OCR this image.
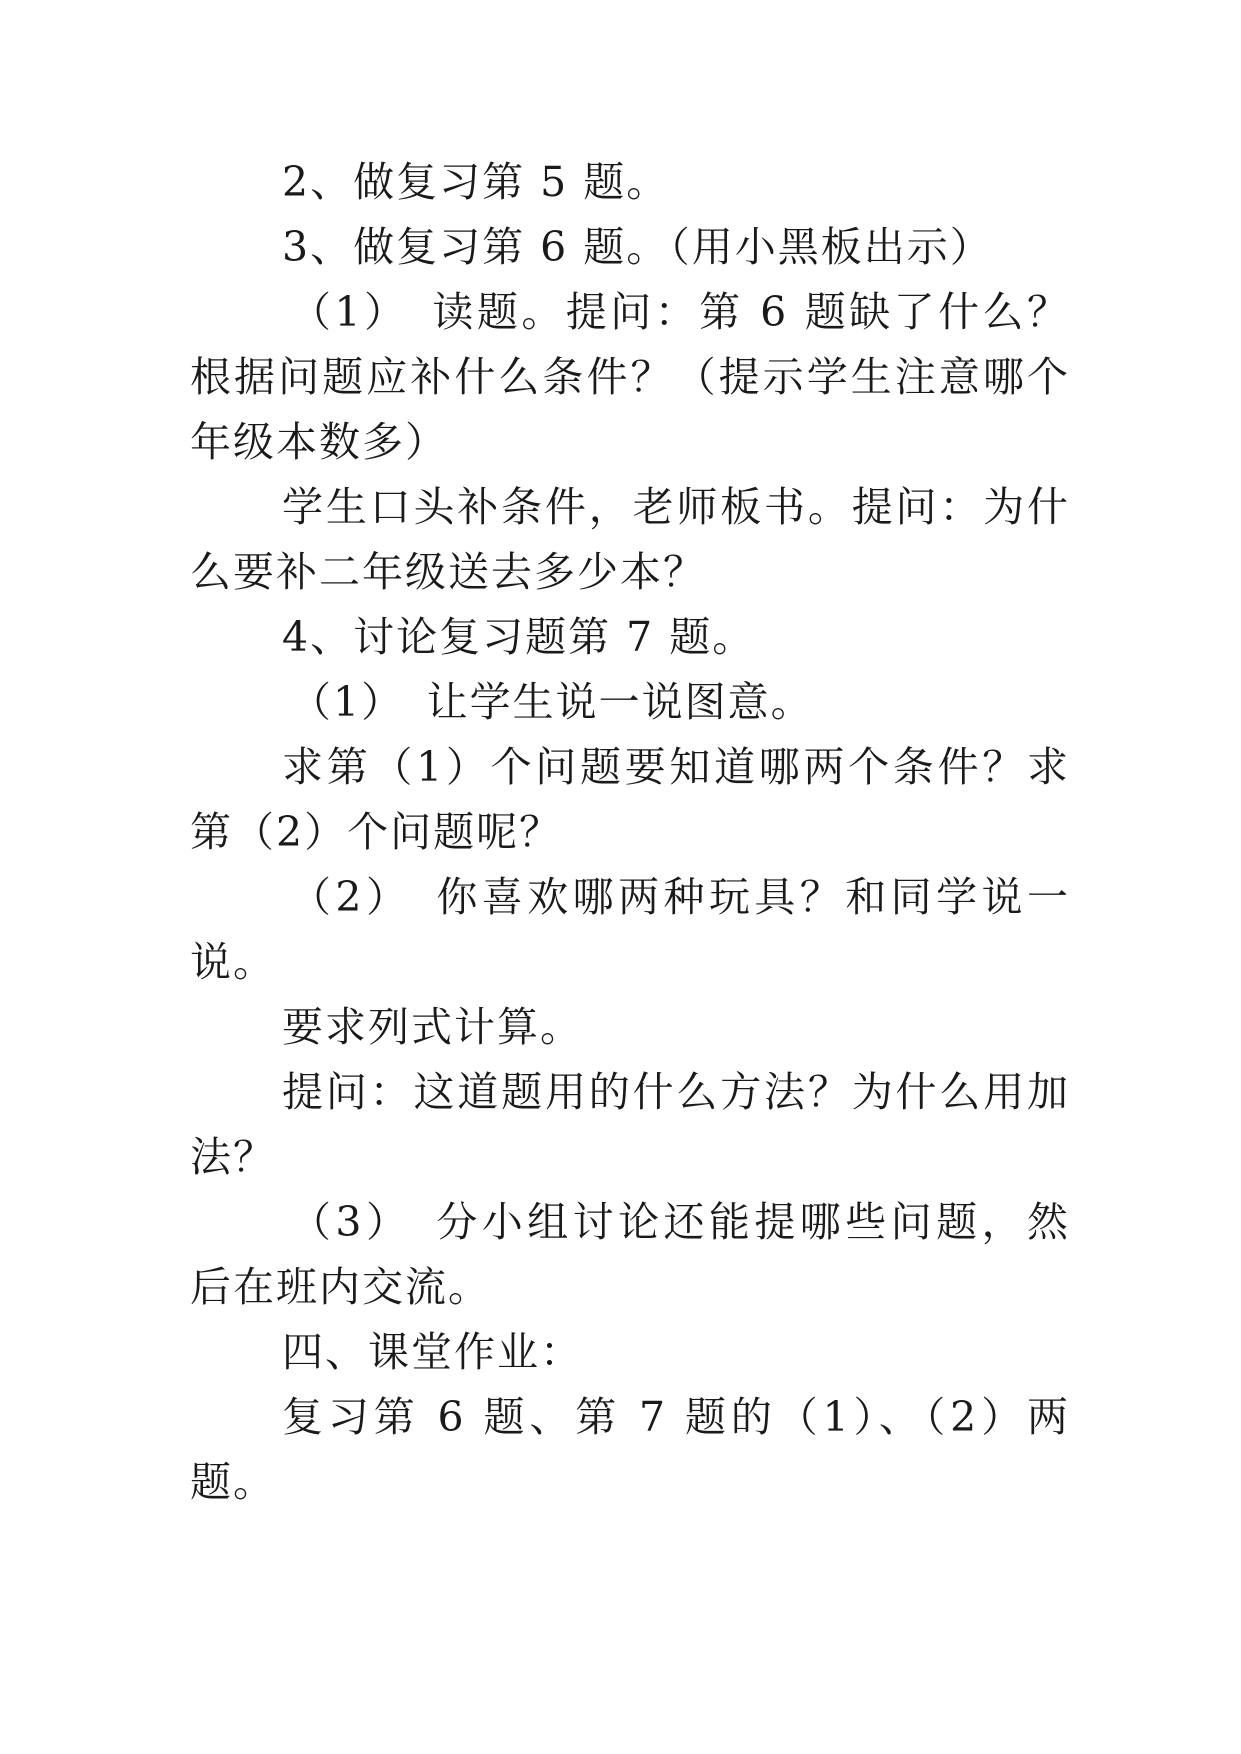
2、做复习第 5 题。

3、做复习第 6 题。（用小黑板出示）

（1）　读题。提问：第 6 题缺了什么？根据问题应补什么条件？（提示学生注意哪个年级本数多）

学生口头补条件，老师板书。提问：为什么要补二年级送去多少本？

4、讨论复习题第 7 题。

（1）　让学生说一说图意。

求第（1）个问题要知道哪两个条件？求第（2）个问题呢？

（2）　你喜欢哪两种玩具？和同学说一说。

要求列式计算。

提问：这道题用的什么方法？为什么用加法？

（3）　分小组讨论还能提哪些问题，然后在班内交流。

四、课堂作业：

复习第 6 题、第 7 题的（1）、（2）两题。
